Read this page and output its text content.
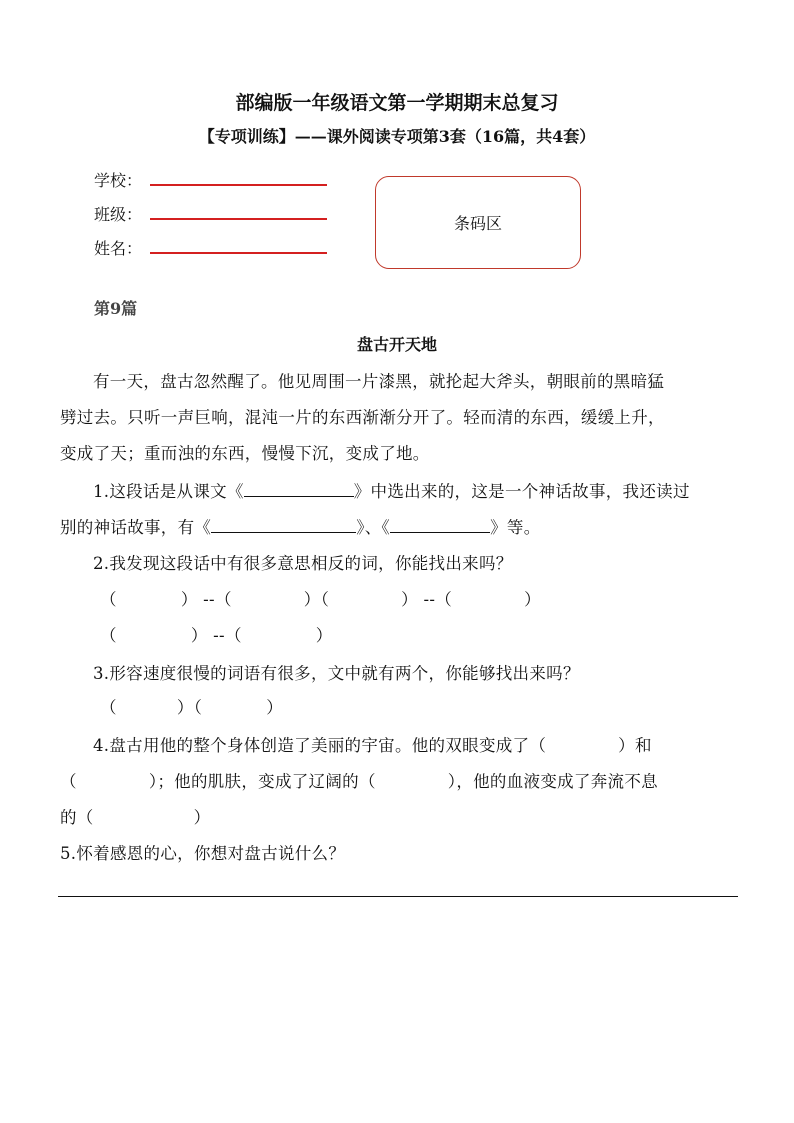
部编版一年级语文第一学期期末总复习
【专项训练】——课外阅读专项第3套（16篇，共4套）
学校：
班级：
姓名：
条码区
第9篇
盘古开天地
有一天，盘古忽然醒了。他见周围一片漆黑，就抡起大斧头，朝眼前的黑暗猛
劈过去。只听一声巨响，混沌一片的东西渐渐分开了。轻而清的东西，缓缓上升，
变成了天；重而浊的东西，慢慢下沉，变成了地。
1.这段话是从课文《	》中选出来的，这是一个神话故事，我还读过
别的神话故事，有《	》、《	》等。
2.我发现这段话中有很多意思相反的词，你能找出来吗？
（	） --（	）（	） --（	）
（	） --（	）
3.形容速度很慢的词语有很多，文中就有两个，你能够找出来吗？
（	）（	）
4.盘古用他的整个身体创造了美丽的宇宙。他的双眼变成了（	）和
（	）；他的肌肤，变成了辽阔的（	），他的血液变成了奔流不息
的（	）
5.怀着感恩的心，你想对盘古说什么？
